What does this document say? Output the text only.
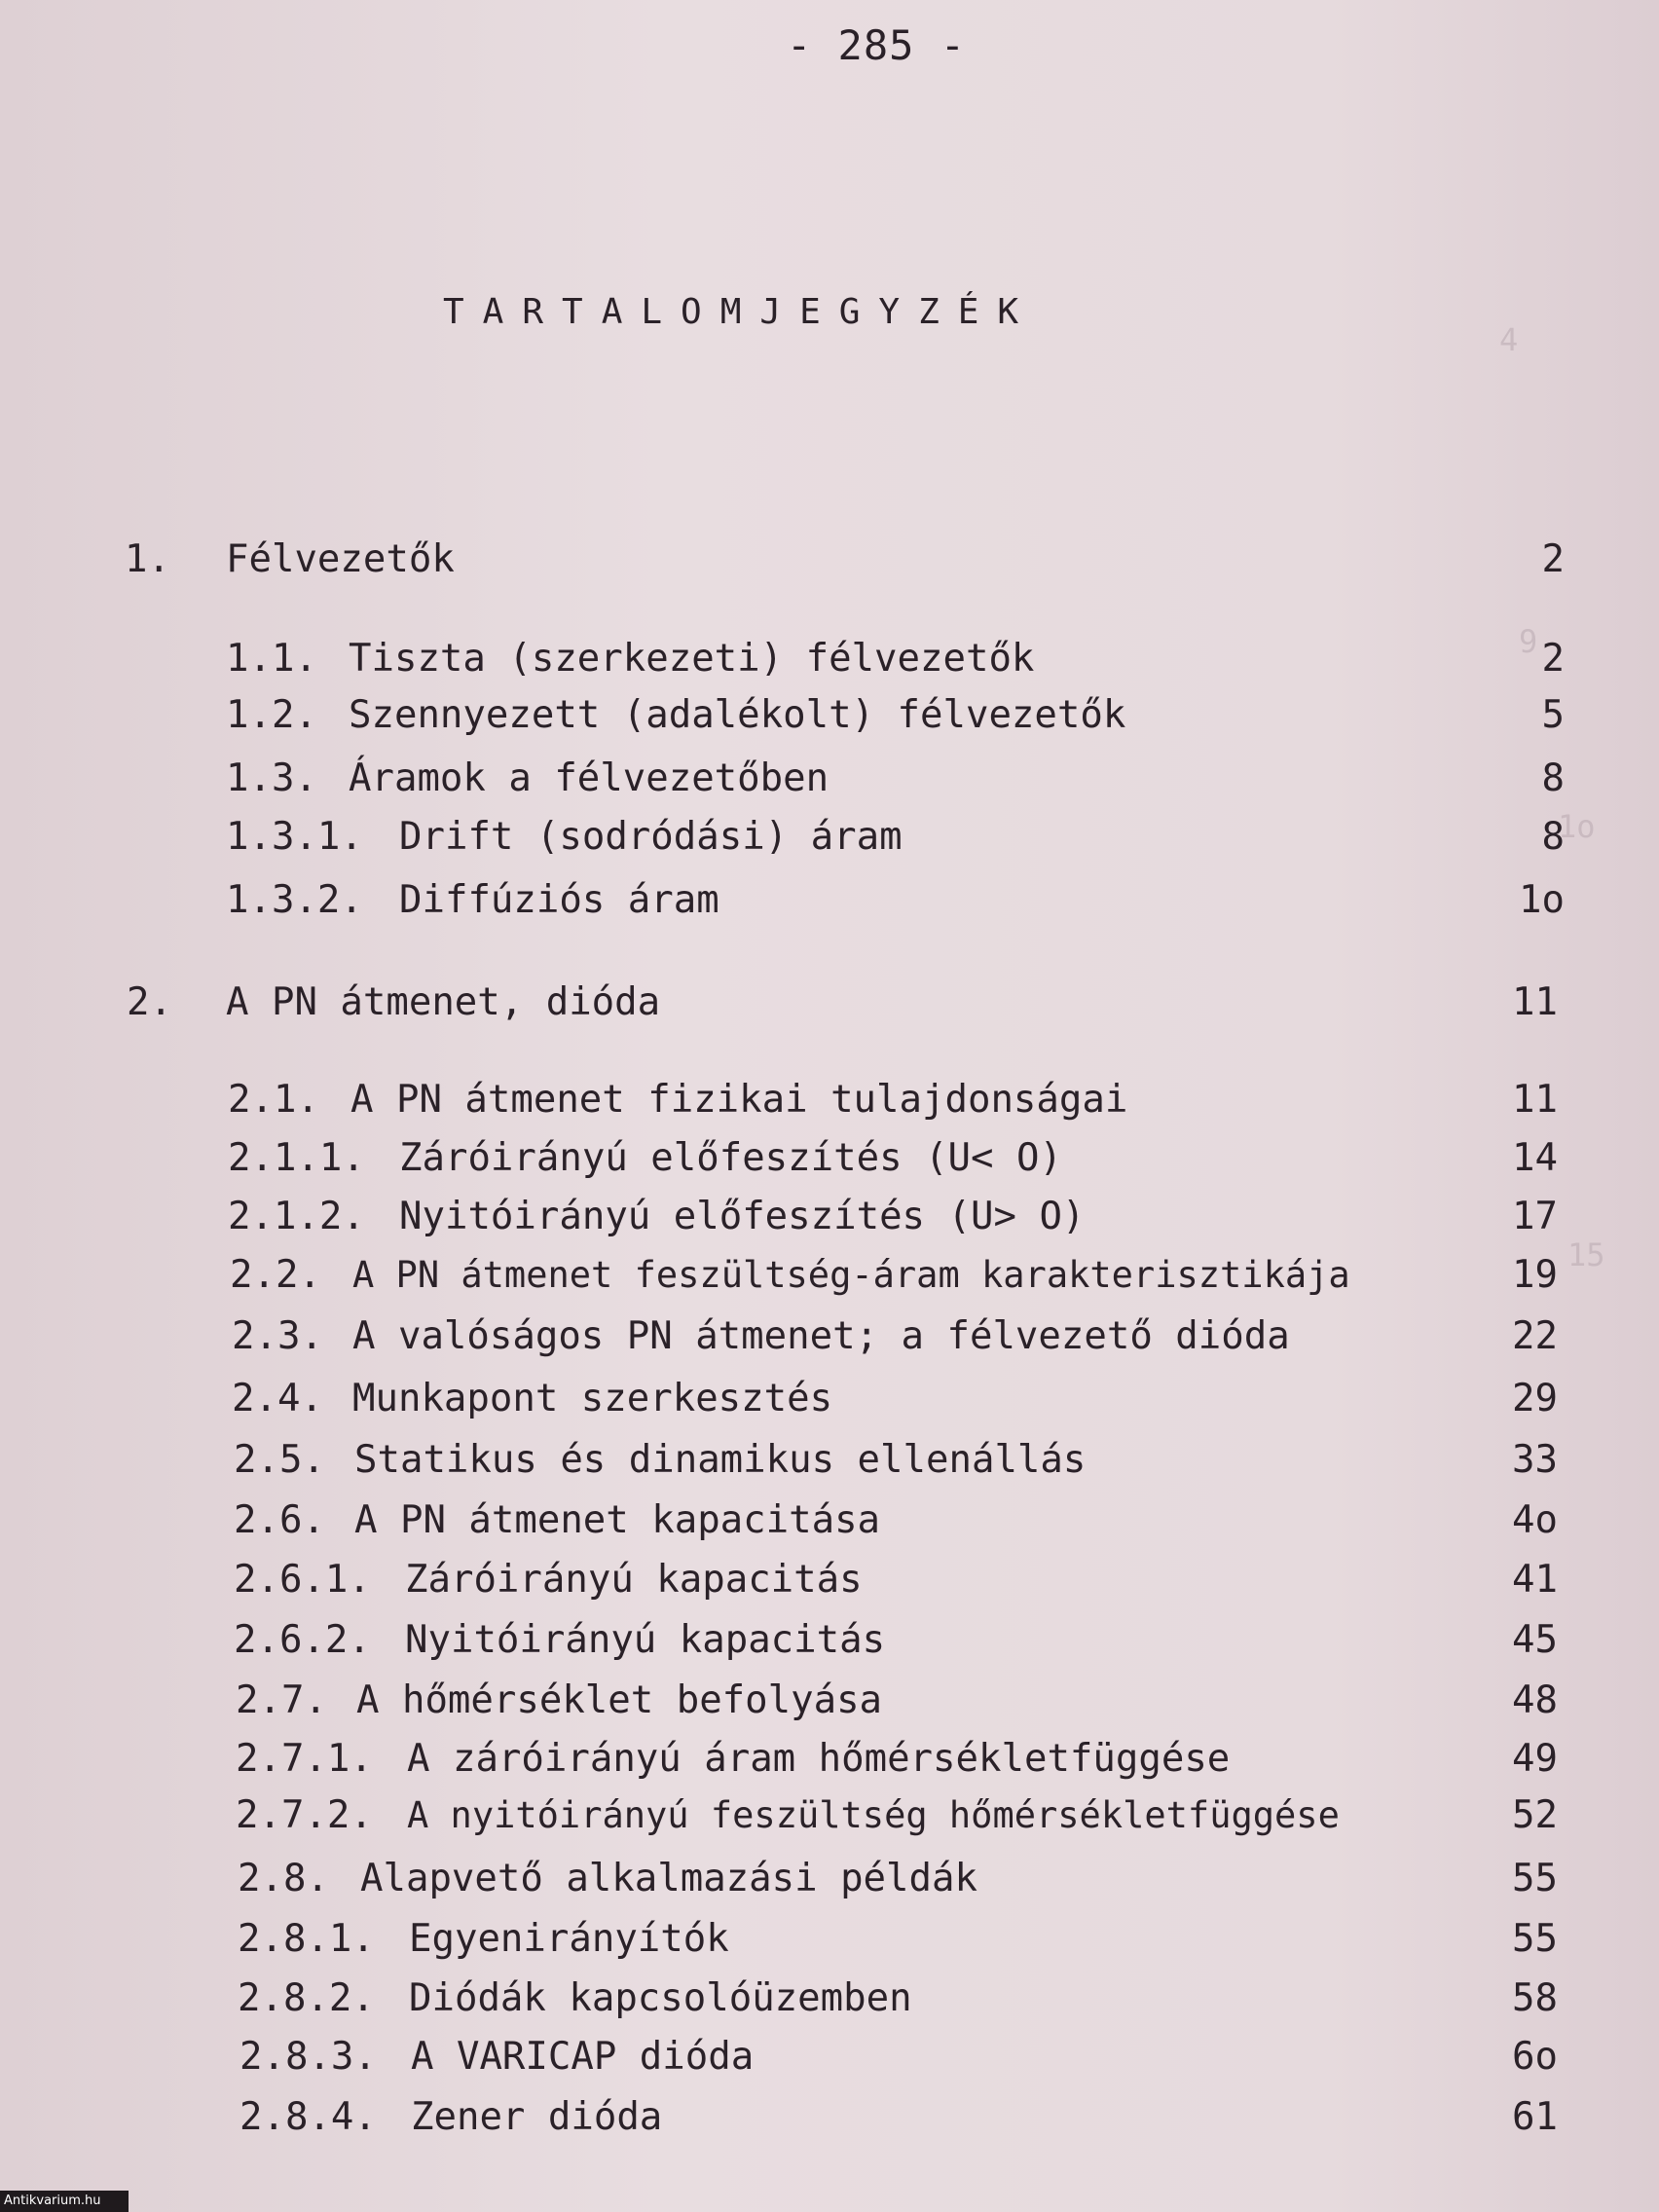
4
9
1o
15
- 285 -
TARTALOMJEGYZÉK
1. Félvezetők	2
1.1. Tiszta (szerkezeti) félvezetők	2
1.2. Szennyezett (adalékolt) félvezetők	5
1.3. Áramok a félvezetőben	8
1.3.1. Drift (sodródási) áram	8
1.3.2. Diffúziós áram	1o
2. A PN átmenet, dióda	11
2.1. A PN átmenet fizikai tulajdonságai	11
2.1.1. Záróirányú előfeszítés (U< O)	14
2.1.2. Nyitóirányú előfeszítés (U> O)	17
2.2. A PN átmenet feszültség-áram karakterisztikája	19
2.3. A valóságos PN átmenet; a félvezető dióda	22
2.4. Munkapont szerkesztés	29
2.5. Statikus és dinamikus ellenállás	33
2.6. A PN átmenet kapacitása	4o
2.6.1. Záróirányú kapacitás	41
2.6.2. Nyitóirányú kapacitás	45
2.7. A hőmérséklet befolyása	48
2.7.1. A záróirányú áram hőmérsékletfüggése	49
2.7.2. A nyitóirányú feszültség hőmérsékletfüggése	52
2.8. Alapvető alkalmazási példák	55
2.8.1. Egyenirányítók	55
2.8.2. Diódák kapcsolóüzemben	58
2.8.3. A VARICAP dióda	6o
2.8.4. Zener dióda	61
Antikvarium.hu
